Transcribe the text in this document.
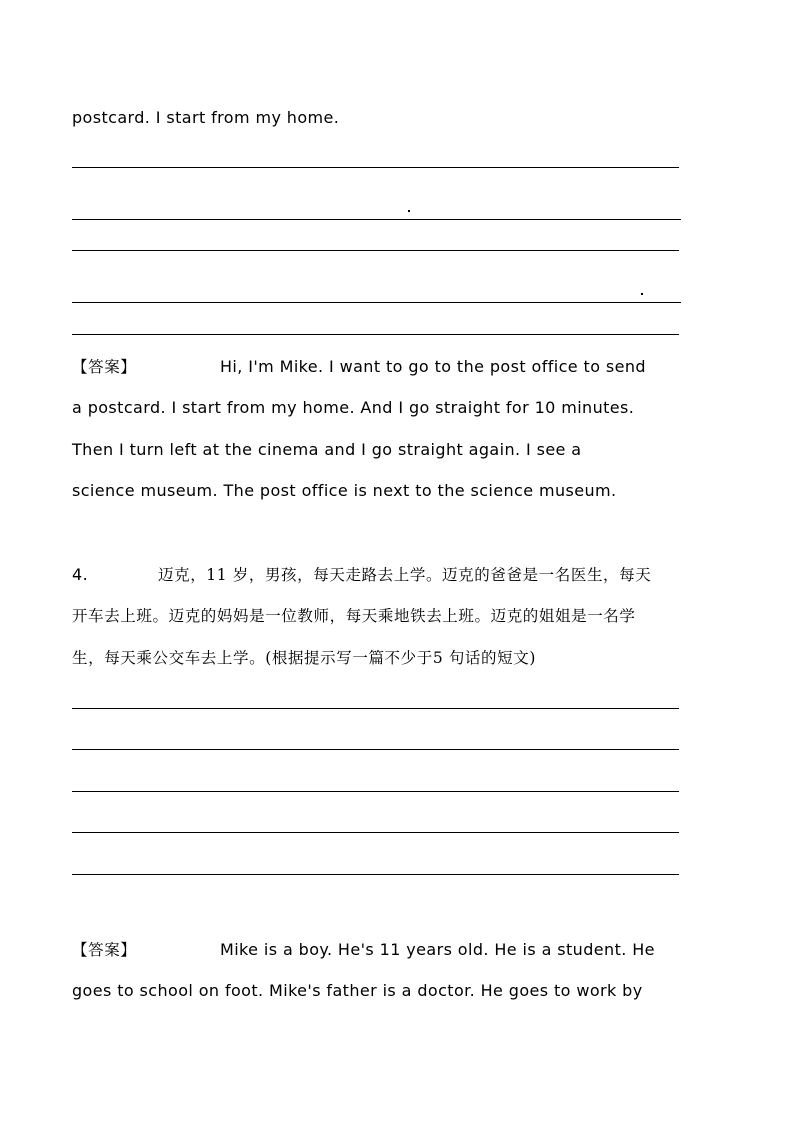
postcard. I start from my home.
【答案】	Hi, I'm Mike. I want to go to the post office to send
a postcard. I start from my home. And I go straight for 10 minutes.
Then I turn left at the cinema and I go straight again. I see a
science museum. The post office is next to the science museum.
4.	迈克，11 岁，男孩，每天走路去上学。迈克的爸爸是一名医生，每天
开车去上班。迈克的妈妈是一位教师，每天乘地铁去上班。迈克的姐姐是一名学
生，每天乘公交车去上学。(根据提示写一篇不少于5 句话的短文)
【答案】	Mike is a boy. He's 11 years old. He is a student. He
goes to school on foot. Mike's father is a doctor. He goes to work by
